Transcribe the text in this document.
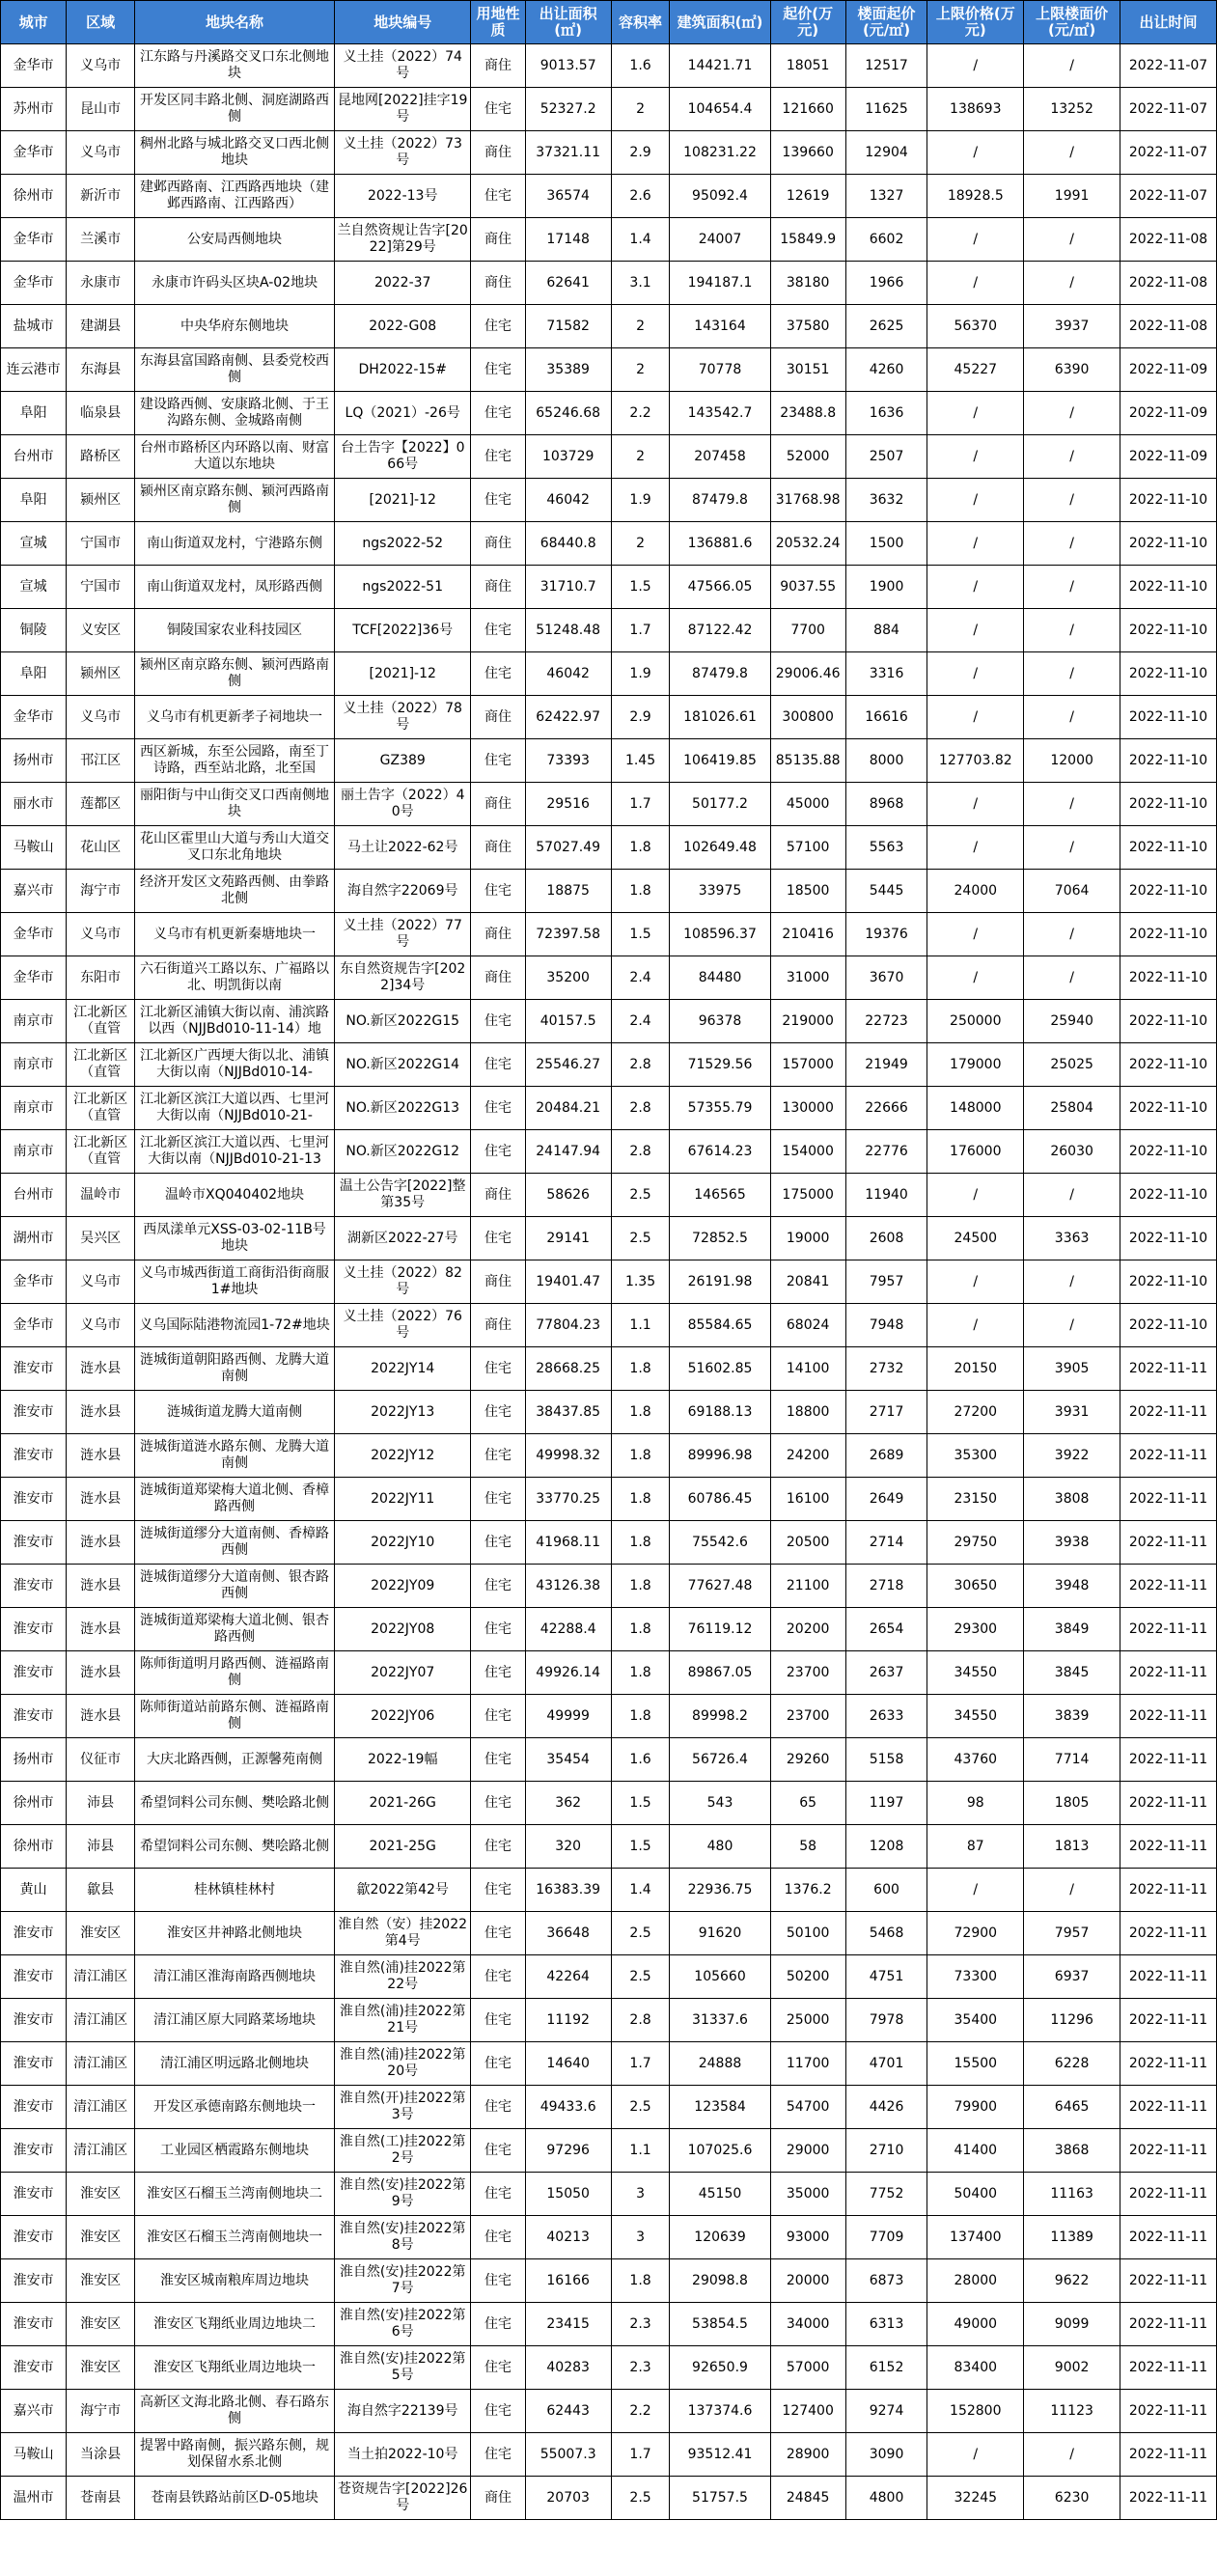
城市	区域	地块名称	地块编号	用地性质	出让面积(㎡)	容积率	建筑面积(㎡)	起价(万元)	楼面起价(元/㎡)	上限价格(万元)	上限楼面价(元/㎡)	出让时间
金华市	义乌市	江东路与丹溪路交叉口东北侧地块	义土挂（2022）74号	商住	9013.57	1.6	14421.71	18051	12517	/	/	2022-11-07
苏州市	昆山市	开发区同丰路北侧、洞庭湖路西侧	昆地网[2022]挂字19号	住宅	52327.2	2	104654.4	121660	11625	138693	13252	2022-11-07
金华市	义乌市	稠州北路与城北路交叉口西北侧地块	义土挂（2022）73号	商住	37321.11	2.9	108231.22	139660	12904	/	/	2022-11-07
徐州市	新沂市	建邺西路南、江西路西地块（建邺西路南、江西路西）	2022-13号	住宅	36574	2.6	95092.4	12619	1327	18928.5	1991	2022-11-07
金华市	兰溪市	公安局西侧地块	兰自然资规让告字[2022]第29号	商住	17148	1.4	24007	15849.9	6602	/	/	2022-11-08
金华市	永康市	永康市许码头区块A-02地块	2022-37	商住	62641	3.1	194187.1	38180	1966	/	/	2022-11-08
盐城市	建湖县	中央华府东侧地块	2022-G08	住宅	71582	2	143164	37580	2625	56370	3937	2022-11-08
连云港市	东海县	东海县富国路南侧、县委党校西侧	DH2022-15#	住宅	35389	2	70778	30151	4260	45227	6390	2022-11-09
阜阳	临泉县	建设路西侧、安康路北侧、于王沟路东侧、金城路南侧	LQ（2021）-26号	住宅	65246.68	2.2	143542.7	23488.8	1636	/	/	2022-11-09
台州市	路桥区	台州市路桥区内环路以南、财富大道以东地块	台土告字【2022】066号	住宅	103729	2	207458	52000	2507	/	/	2022-11-09
阜阳	颍州区	颍州区南京路东侧、颍河西路南侧	[2021]-12	住宅	46042	1.9	87479.8	31768.98	3632	/	/	2022-11-10
宣城	宁国市	南山街道双龙村，宁港路东侧	ngs2022-52	商住	68440.8	2	136881.6	20532.24	1500	/	/	2022-11-10
宣城	宁国市	南山街道双龙村，凤形路西侧	ngs2022-51	商住	31710.7	1.5	47566.05	9037.55	1900	/	/	2022-11-10
铜陵	义安区	铜陵国家农业科技园区	TCF[2022]36号	住宅	51248.48	1.7	87122.42	7700	884	/	/	2022-11-10
阜阳	颍州区	颍州区南京路东侧、颍河西路南侧	[2021]-12	住宅	46042	1.9	87479.8	29006.46	3316	/	/	2022-11-10
金华市	义乌市	义乌市有机更新孝子祠地块一	义土挂（2022）78号	商住	62422.97	2.9	181026.61	300800	16616	/	/	2022-11-10
扬州市	邗江区	西区新城，东至公园路，南至丁诗路，西至站北路，北至国	GZ389	住宅	73393	1.45	106419.85	85135.88	8000	127703.82	12000	2022-11-10
丽水市	莲都区	丽阳街与中山街交叉口西南侧地块	丽土告字（2022）40号	商住	29516	1.7	50177.2	45000	8968	/	/	2022-11-10
马鞍山	花山区	花山区霍里山大道与秀山大道交叉口东北角地块	马土让2022-62号	商住	57027.49	1.8	102649.48	57100	5563	/	/	2022-11-10
嘉兴市	海宁市	经济开发区文苑路西侧、由拳路北侧	海自然字22069号	住宅	18875	1.8	33975	18500	5445	24000	7064	2022-11-10
金华市	义乌市	义乌市有机更新秦塘地块一	义土挂（2022）77号	商住	72397.58	1.5	108596.37	210416	19376	/	/	2022-11-10
金华市	东阳市	六石街道兴工路以东、广福路以北、明凯街以南	东自然资规告字[2022]34号	商住	35200	2.4	84480	31000	3670	/	/	2022-11-10
南京市	江北新区（直管	江北新区浦镇大街以南、浦滨路以西（NJJBd010-11-14）地	NO.新区2022G15	住宅	40157.5	2.4	96378	219000	22723	250000	25940	2022-11-10
南京市	江北新区（直管	江北新区广西埂大街以北、浦镇大街以南（NJJBd010-14-	NO.新区2022G14	住宅	25546.27	2.8	71529.56	157000	21949	179000	25025	2022-11-10
南京市	江北新区（直管	江北新区滨江大道以西、七里河大街以南（NJJBd010-21-	NO.新区2022G13	住宅	20484.21	2.8	57355.79	130000	22666	148000	25804	2022-11-10
南京市	江北新区（直管	江北新区滨江大道以西、七里河大街以南（NJJBd010-21-13	NO.新区2022G12	住宅	24147.94	2.8	67614.23	154000	22776	176000	26030	2022-11-10
台州市	温岭市	温岭市XQ040402地块	温土公告字[2022]整第35号	商住	58626	2.5	146565	175000	11940	/	/	2022-11-10
湖州市	吴兴区	西凤漾单元XSS-03-02-11B号地块	湖新区2022-27号	住宅	29141	2.5	72852.5	19000	2608	24500	3363	2022-11-10
金华市	义乌市	义乌市城西街道工商街沿街商服1#地块	义土挂（2022）82号	商住	19401.47	1.35	26191.98	20841	7957	/	/	2022-11-10
金华市	义乌市	义乌国际陆港物流园1-72#地块	义土挂（2022）76号	商住	77804.23	1.1	85584.65	68024	7948	/	/	2022-11-10
淮安市	涟水县	涟城街道朝阳路西侧、龙腾大道南侧	2022JY14	住宅	28668.25	1.8	51602.85	14100	2732	20150	3905	2022-11-11
淮安市	涟水县	涟城街道龙腾大道南侧	2022JY13	住宅	38437.85	1.8	69188.13	18800	2717	27200	3931	2022-11-11
淮安市	涟水县	涟城街道涟水路东侧、龙腾大道南侧	2022JY12	住宅	49998.32	1.8	89996.98	24200	2689	35300	3922	2022-11-11
淮安市	涟水县	涟城街道郑梁梅大道北侧、香樟路西侧	2022JY11	住宅	33770.25	1.8	60786.45	16100	2649	23150	3808	2022-11-11
淮安市	涟水县	涟城街道缪分大道南侧、香樟路西侧	2022JY10	住宅	41968.11	1.8	75542.6	20500	2714	29750	3938	2022-11-11
淮安市	涟水县	涟城街道缪分大道南侧、银杏路西侧	2022JY09	住宅	43126.38	1.8	77627.48	21100	2718	30650	3948	2022-11-11
淮安市	涟水县	涟城街道郑梁梅大道北侧、银杏路西侧	2022JY08	住宅	42288.4	1.8	76119.12	20200	2654	29300	3849	2022-11-11
淮安市	涟水县	陈师街道明月路西侧、涟福路南侧	2022JY07	住宅	49926.14	1.8	89867.05	23700	2637	34550	3845	2022-11-11
淮安市	涟水县	陈师街道站前路东侧、涟福路南侧	2022JY06	住宅	49999	1.8	89998.2	23700	2633	34550	3839	2022-11-11
扬州市	仪征市	大庆北路西侧，正源馨苑南侧	2022-19幅	住宅	35454	1.6	56726.4	29260	5158	43760	7714	2022-11-11
徐州市	沛县	希望饲料公司东侧、樊哙路北侧	2021-26G	住宅	362	1.5	543	65	1197	98	1805	2022-11-11
徐州市	沛县	希望饲料公司东侧、樊哙路北侧	2021-25G	住宅	320	1.5	480	58	1208	87	1813	2022-11-11
黄山	歙县	桂林镇桂林村	歙2022第42号	住宅	16383.39	1.4	22936.75	1376.2	600	/	/	2022-11-11
淮安市	淮安区	淮安区井神路北侧地块	淮自然（安）挂2022第4号	住宅	36648	2.5	91620	50100	5468	72900	7957	2022-11-11
淮安市	清江浦区	清江浦区淮海南路西侧地块	淮自然(浦)挂2022第22号	住宅	42264	2.5	105660	50200	4751	73300	6937	2022-11-11
淮安市	清江浦区	清江浦区原大同路菜场地块	淮自然(浦)挂2022第21号	住宅	11192	2.8	31337.6	25000	7978	35400	11296	2022-11-11
淮安市	清江浦区	清江浦区明远路北侧地块	淮自然(浦)挂2022第20号	住宅	14640	1.7	24888	11700	4701	15500	6228	2022-11-11
淮安市	清江浦区	开发区承德南路东侧地块一	淮自然(开)挂2022第3号	住宅	49433.6	2.5	123584	54700	4426	79900	6465	2022-11-11
淮安市	清江浦区	工业园区栖霞路东侧地块	淮自然(工)挂2022第2号	住宅	97296	1.1	107025.6	29000	2710	41400	3868	2022-11-11
淮安市	淮安区	淮安区石榴玉兰湾南侧地块二	淮自然(安)挂2022第9号	住宅	15050	3	45150	35000	7752	50400	11163	2022-11-11
淮安市	淮安区	淮安区石榴玉兰湾南侧地块一	淮自然(安)挂2022第8号	住宅	40213	3	120639	93000	7709	137400	11389	2022-11-11
淮安市	淮安区	淮安区城南粮库周边地块	淮自然(安)挂2022第7号	住宅	16166	1.8	29098.8	20000	6873	28000	9622	2022-11-11
淮安市	淮安区	淮安区飞翔纸业周边地块二	淮自然(安)挂2022第6号	住宅	23415	2.3	53854.5	34000	6313	49000	9099	2022-11-11
淮安市	淮安区	淮安区飞翔纸业周边地块一	淮自然(安)挂2022第5号	住宅	40283	2.3	92650.9	57000	6152	83400	9002	2022-11-11
嘉兴市	海宁市	高新区文海北路北侧、春石路东侧	海自然字22139号	住宅	62443	2.2	137374.6	127400	9274	152800	11123	2022-11-11
马鞍山	当涂县	提署中路南侧，振兴路东侧，规划保留水系北侧	当土拍2022-10号	住宅	55007.3	1.7	93512.41	28900	3090	/	/	2022-11-11
温州市	苍南县	苍南县铁路站前区D-05地块	苍资规告字[2022]26号	商住	20703	2.5	51757.5	24845	4800	32245	6230	2022-11-11
